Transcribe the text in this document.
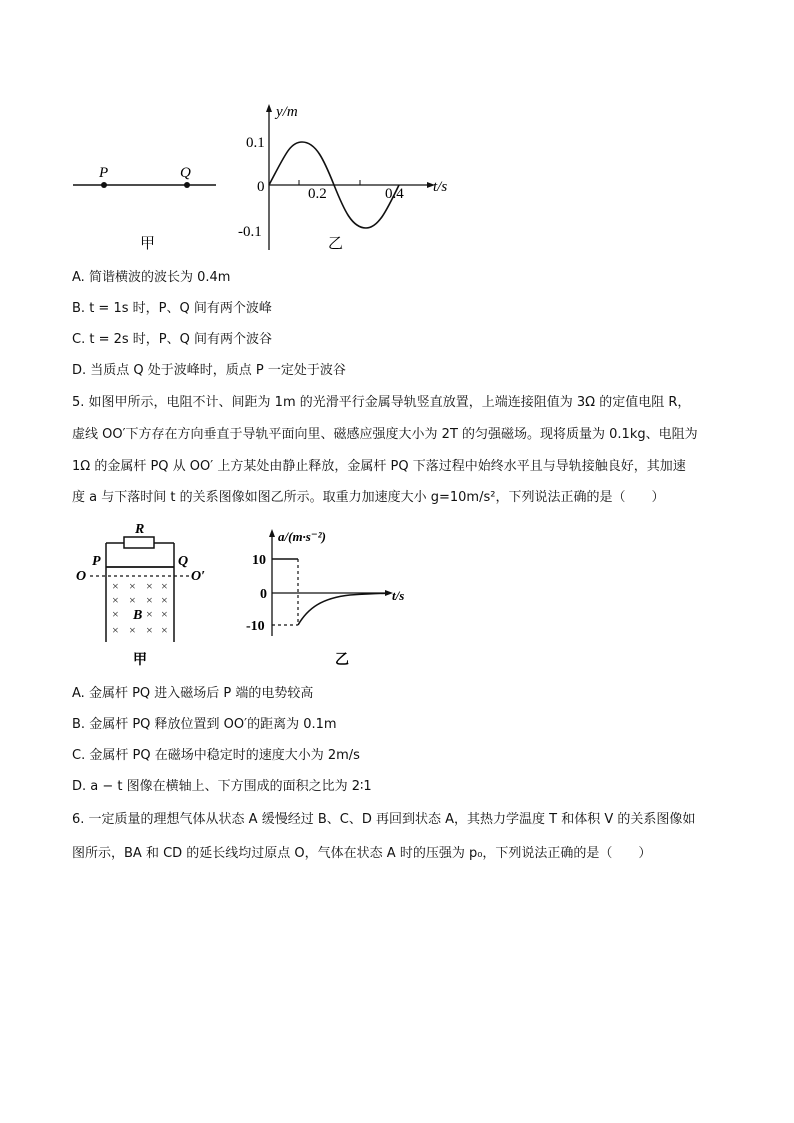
P	Q
甲
y/m
0.1
0
-0.1
0.2	0.4 t/s
乙
A. 简谐横波的波长为 0.4m
B. t = 1s 时，P、Q 间有两个波峰
C. t = 2s 时，P、Q 间有两个波谷
D. 当质点 Q 处于波峰时，质点 P 一定处于波谷
5. 如图甲所示，电阻不计、间距为 1m 的光滑平行金属导轨竖直放置，上端连接阻值为 3Ω 的定值电阻 R，
虚线 OO′下方存在方向垂直于导轨平面向里、磁感应强度大小为 2T 的匀强磁场。现将质量为 0.1kg、电阻为
1Ω 的金属杆 PQ 从 OO′ 上方某处由静止释放，金属杆 PQ 下落过程中始终水平且与导轨接触良好，其加速
度 a 与下落时间 t 的关系图像如图乙所示。取重力加速度大小 g=10m/s²，下列说法正确的是（　　）
× × × ×
× × × ×
× × ×
× × × ×
R
P	Q
O	O′
B
甲
a/(m·s⁻²)
10
0
-10
t/s
乙
A. 金属杆 PQ 进入磁场后 P 端的电势较高
B. 金属杆 PQ 释放位置到 OO′的距离为 0.1m
C. 金属杆 PQ 在磁场中稳定时的速度大小为 2m/s
D. a − t 图像在横轴上、下方围成的面积之比为 2∶1
6. 一定质量的理想气体从状态 A 缓慢经过 B、C、D 再回到状态 A，其热力学温度 T 和体积 V 的关系图像如
图所示，BA 和 CD 的延长线均过原点 O，气体在状态 A 时的压强为 p₀，下列说法正确的是（　　）
